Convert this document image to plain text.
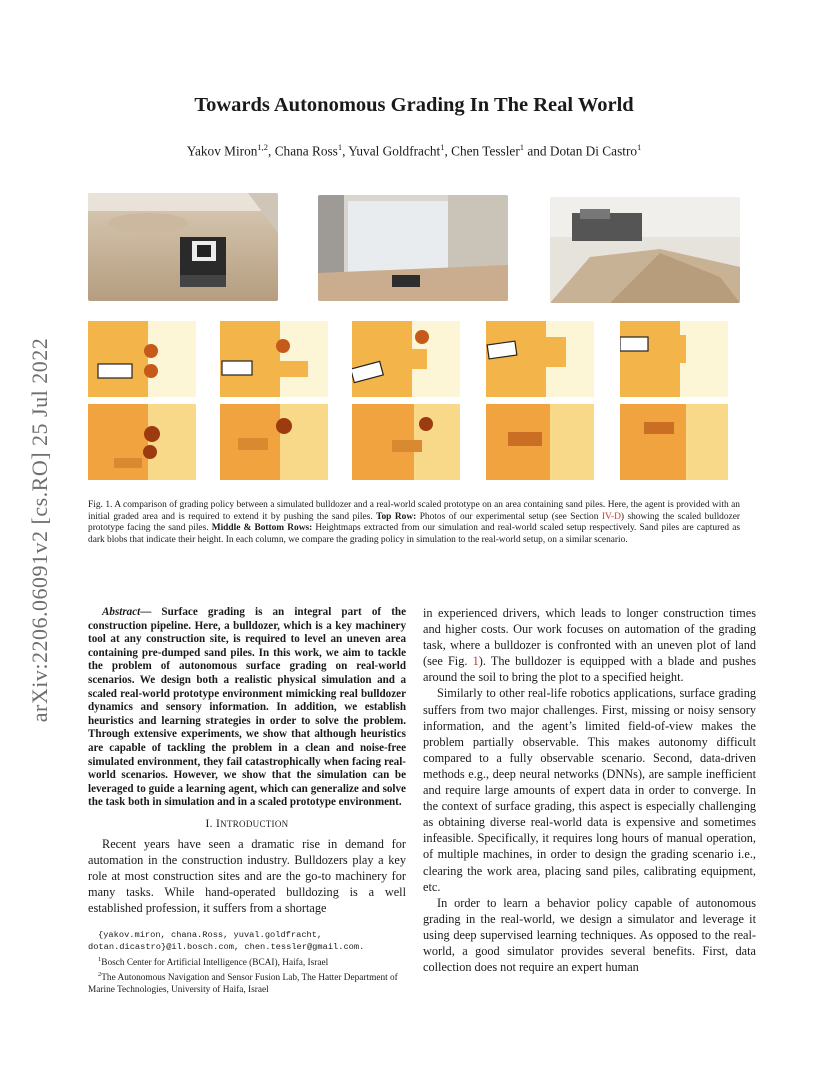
arXiv:2206.06091v2 [cs.RO] 25 Jul 2022
Towards Autonomous Grading In The Real World
Yakov Miron$^{1,2}$, Chana Ross$^1$, Yuval Goldfracht$^1$, Chen Tessler$^1$ and Dotan Di Castro$^1$
Fig. 1. A comparison of grading policy between a simulated bulldozer and a real-world scaled prototype on an area containing sand piles. Here, the agent is provided with an initial graded area and is required to extend it by pushing the sand piles. Top Row: Photos of our experimental setup (see Section IV-D) showing the scaled bulldozer prototype facing the sand piles. Middle & Bottom Rows: Heightmaps extracted from our simulation and real-world scaled setup respectively. Sand piles are captured as dark blobs that indicate their height. In each column, we compare the grading policy in simulation to the real-world setup, on a similar scenario.

Abstract— Surface grading is an integral part of the construction pipeline. Here, a bulldozer, which is a key machinery tool at any construction site, is required to level an uneven area containing pre-dumped sand piles. In this work, we aim to tackle the problem of autonomous surface grading on real-world scenarios. We design both a realistic physical simulation and a scaled real-world prototype environment mimicking real bulldozer dynamics and sensory information. In addition, we establish heuristics and learning strategies in order to solve the problem. Through extensive experiments, we show that although heuristics are capable of tackling the problem in a clean and noise-free simulated environment, they fail catastrophically when facing real-world scenarios. However, we show that the simulation can be leveraged to guide a learning agent, which can generalize and solve the task both in simulation and in a scaled prototype environment.

I. INTRODUCTION

Recent years have seen a dramatic rise in demand for automation in the construction industry. Bulldozers play a key role at most construction sites and are the go-to machinery for many tasks. While hand-operated bulldozing is a well established profession, it suffers from a shortage

{yakov.miron, chana.Ross, yuval.goldfracht,
dotan.dicastro}@il.bosch.com, chen.tessler@gmail.com.
$^1$Bosch Center for Artificial Intelligence (BCAI), Haifa, Israel
$^2$The Autonomous Navigation and Sensor Fusion Lab, The Hatter Department of Marine Technologies, University of Haifa, Israel

in experienced drivers, which leads to longer construction times and higher costs. Our work focuses on automation of the grading task, where a bulldozer is confronted with an uneven plot of land (see Fig. 1). The bulldozer is equipped with a blade and pushes around the soil to bring the plot to a specified height.

Similarly to other real-life robotics applications, surface grading suffers from two major challenges. First, missing or noisy sensory information, and the agent’s limited field-of-view makes the problem partially observable. This makes autonomy difficult compared to a fully observable scenario. Second, data-driven methods e.g., deep neural networks (DNNs), are sample inefficient and require large amounts of expert data in order to converge. In the context of surface grading, this aspect is especially challenging as obtaining diverse real-world data is expensive and sometimes infeasible. Specifically, it requires long hours of manual operation, of multiple machines, in order to design the grading scenario i.e., clearing the work area, placing sand piles, calibrating equipment, etc.

In order to learn a behavior policy capable of autonomous grading in the real-world, we design a simulator and leverage it using deep supervised learning techniques. As opposed to the real-world, a good simulator provides several benefits. First, data collection does not require an expert human
